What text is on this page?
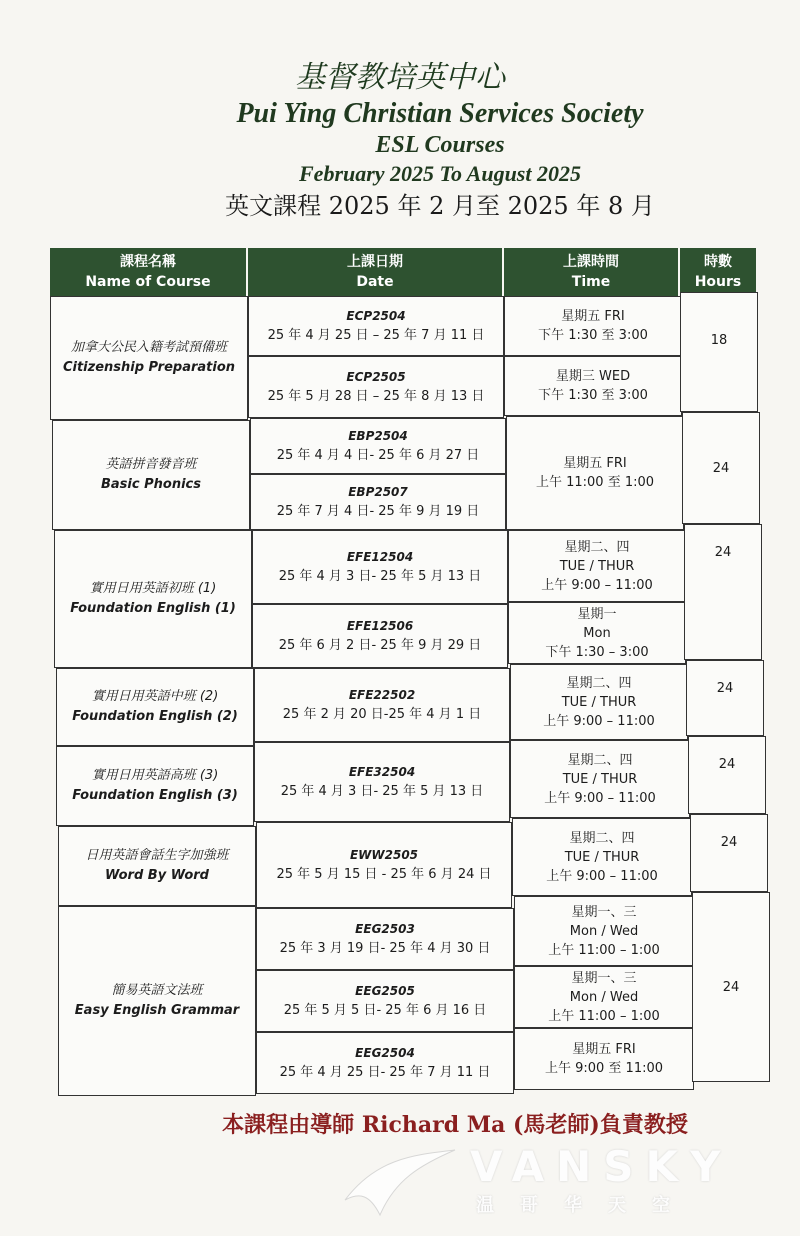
基督教培英中心
Pui Ying Christian Services Society
ESL Courses
February 2025 To August 2025
英文課程 2025 年 2 月至 2025 年 8 月
課程名稱
Name of Course
上課日期
Date
上課時間
Time
時數
Hours
加拿大公民入籍考試預備班
Citizenship Preparation
英語拼音發音班
Basic Phonics
實用日用英語初班 (1)
Foundation English (1)
實用日用英語中班 (2)
Foundation English (2)
實用日用英語高班 (3)
Foundation English (3)
日用英語會話生字加強班
Word By Word
簡易英語文法班
Easy English Grammar
ECP2504
25 年 4 月 25 日 – 25 年 7 月 11 日
ECP2505
25 年 5 月 28 日 – 25 年 8 月 13 日
EBP2504
25 年 4 月 4 日- 25 年 6 月 27 日
EBP2507
25 年 7 月 4 日- 25 年 9 月 19 日
EFE12504
25 年 4 月 3 日- 25 年 5 月 13 日
EFE12506
25 年 6 月 2 日- 25 年 9 月 29 日
EFE22502
25 年 2 月 20 日-25 年 4 月 1 日
EFE32504
25 年 4 月 3 日- 25 年 5 月 13 日
EWW2505
25 年 5 月 15 日 - 25 年 6 月 24 日
EEG2503
25 年 3 月 19 日- 25 年 4 月 30 日
EEG2505
25 年 5 月 5 日- 25 年 6 月 16 日
EEG2504
25 年 4 月 25 日- 25 年 7 月 11 日
星期五 FRI
下午 1:30 至 3:00
星期三 WED
下午 1:30 至 3:00
星期五 FRI
上午 11:00 至 1:00
星期二、四
TUE / THUR
上午 9:00 – 11:00
星期一
Mon
下午 1:30 – 3:00
星期二、四
TUE / THUR
上午 9:00 – 11:00
星期二、四
TUE / THUR
上午 9:00 – 11:00
星期二、四
TUE / THUR
上午 9:00 – 11:00
星期一、三
Mon / Wed
上午 11:00 – 1:00
星期一、三
Mon / Wed
上午 11:00 – 1:00
星期五 FRI
上午 9:00 至 11:00
18
24
24
24
24
24
24
本課程由導師 Richard Ma (馬老師)負責教授
VANSKY
温哥华天空
